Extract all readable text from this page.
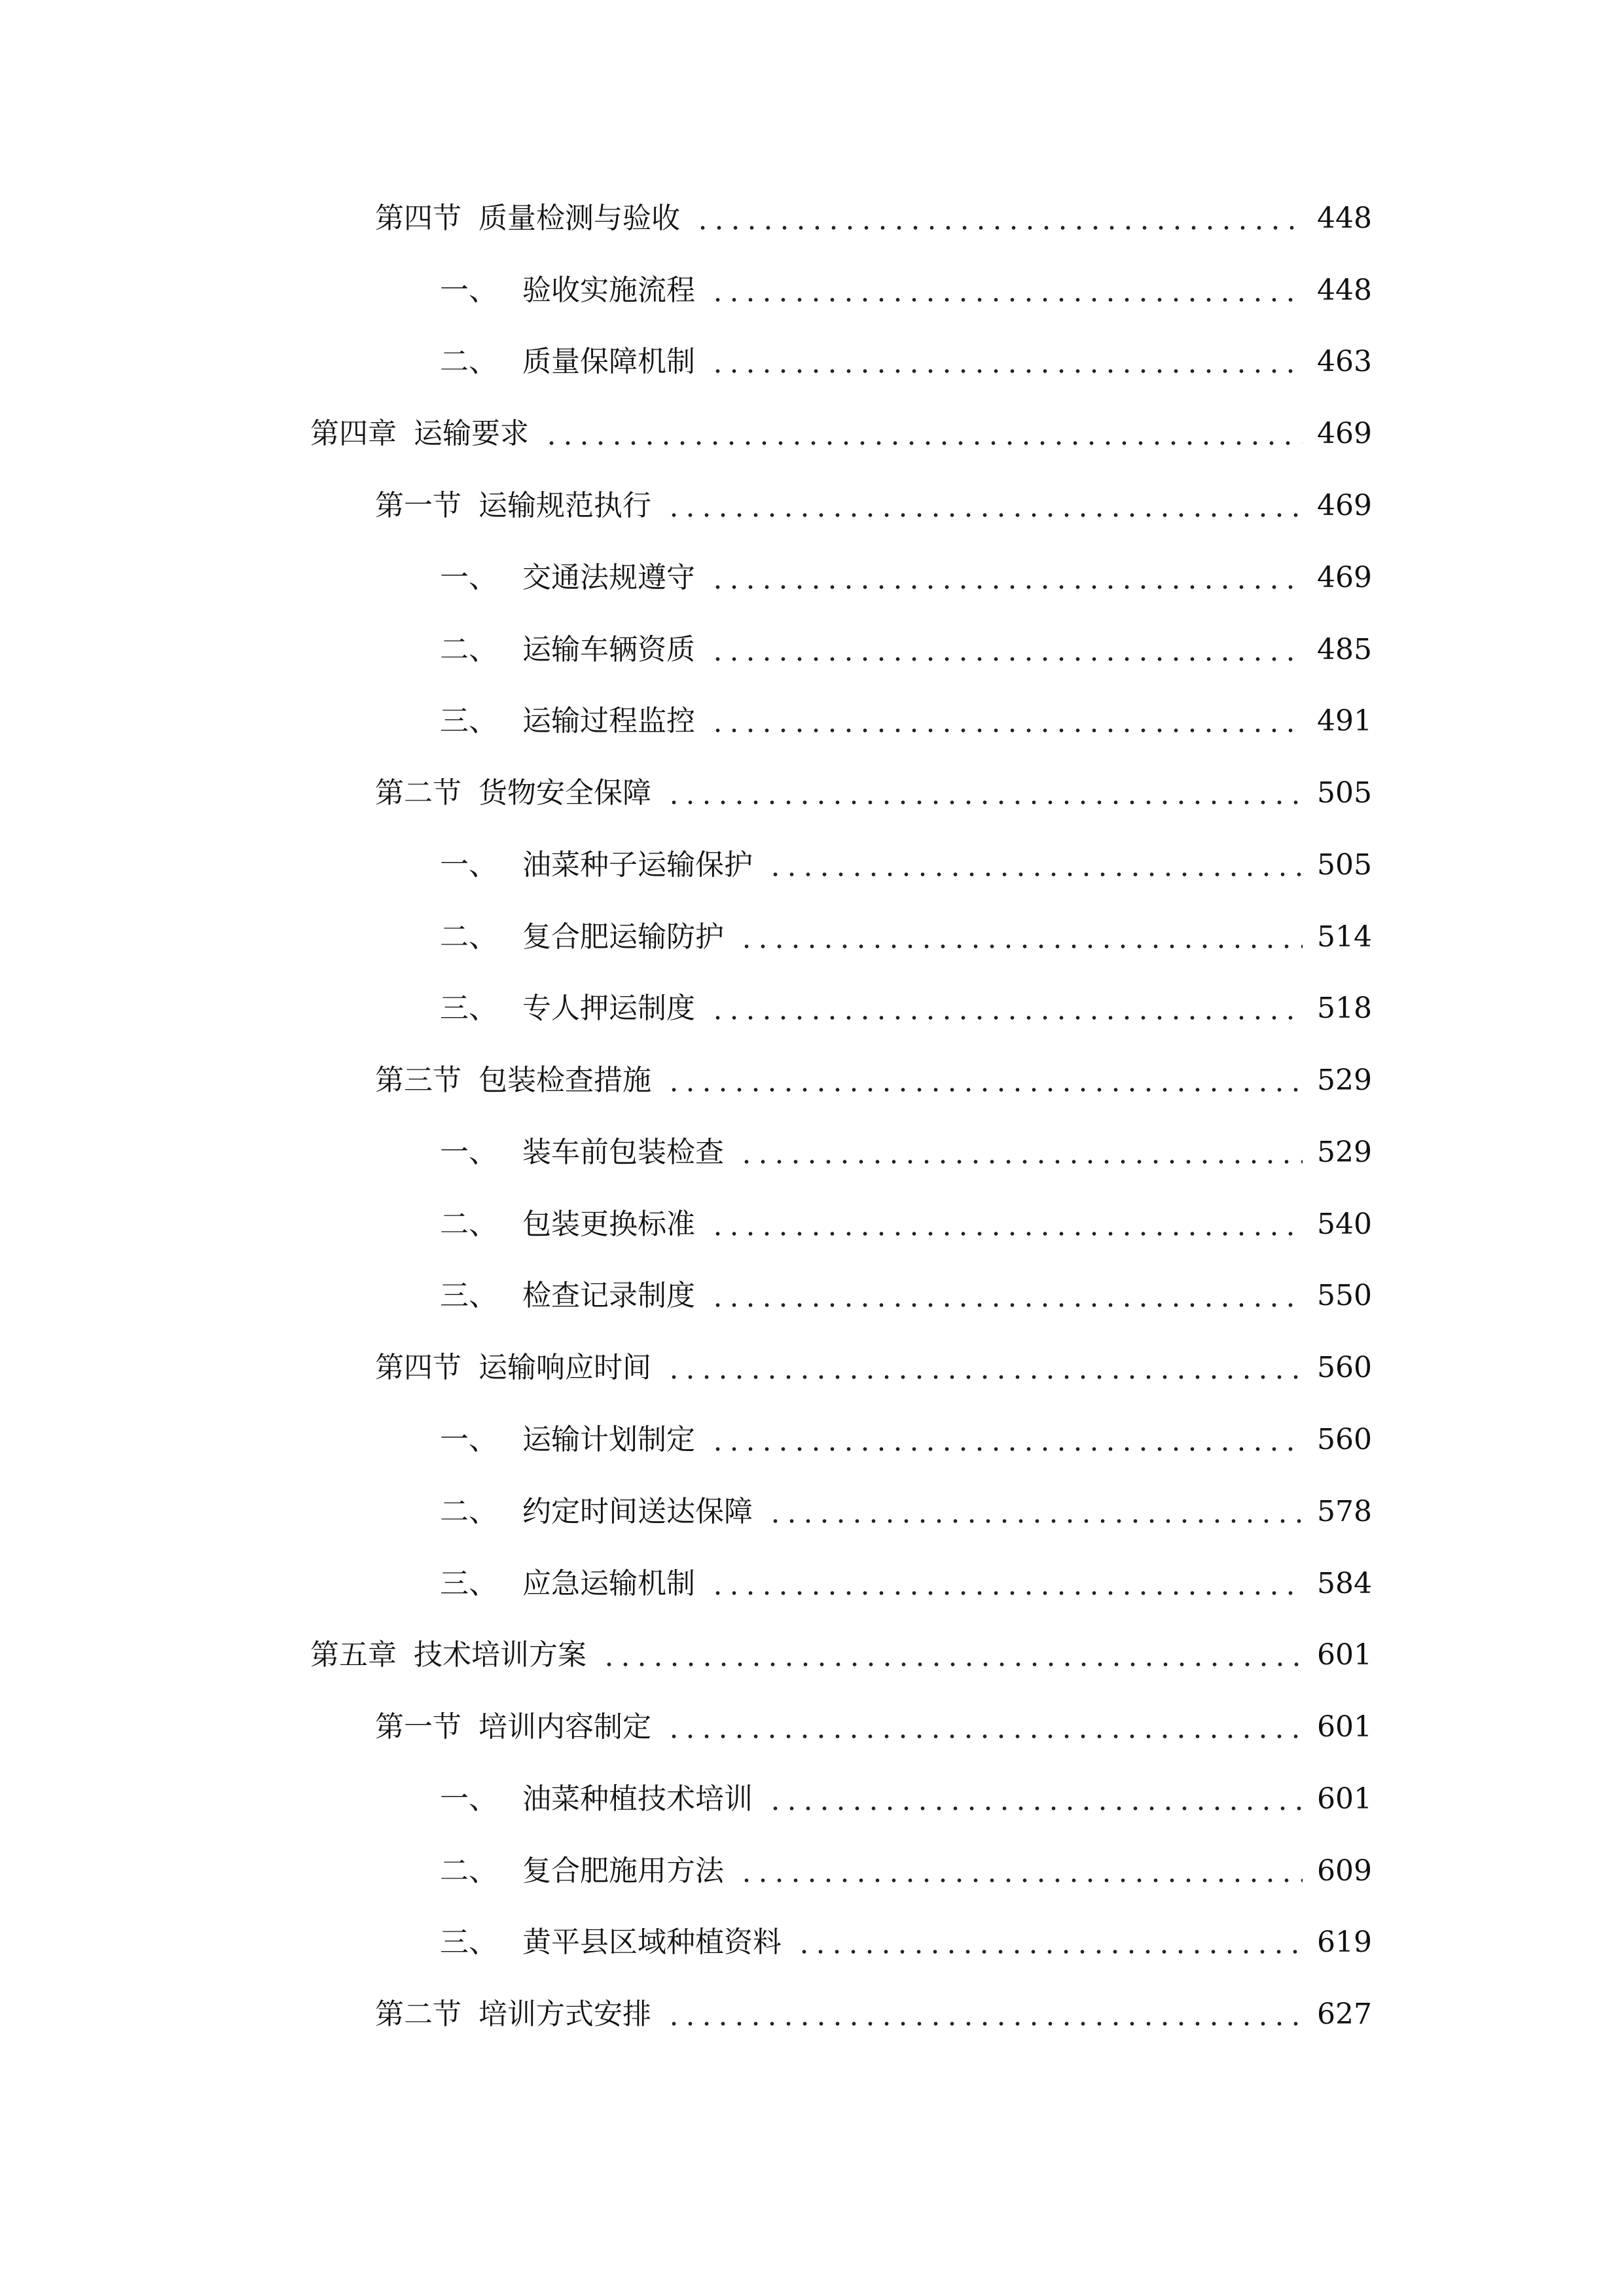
第四节 质量检测与验收	448
一、 验收实施流程	448
二、 质量保障机制	463
第四章 运输要求	469
第一节 运输规范执行	469
一、 交通法规遵守	469
二、 运输车辆资质	485
三、 运输过程监控	491
第二节 货物安全保障	505
一、 油菜种子运输保护	505
二、 复合肥运输防护	514
三、 专人押运制度	518
第三节 包装检查措施	529
一、 装车前包装检查	529
二、 包装更换标准	540
三、 检查记录制度	550
第四节 运输响应时间	560
一、 运输计划制定	560
二、 约定时间送达保障	578
三、 应急运输机制	584
第五章 技术培训方案	601
第一节 培训内容制定	601
一、 油菜种植技术培训	601
二、 复合肥施用方法	609
三、 黄平县区域种植资料	619
第二节 培训方式安排	627
